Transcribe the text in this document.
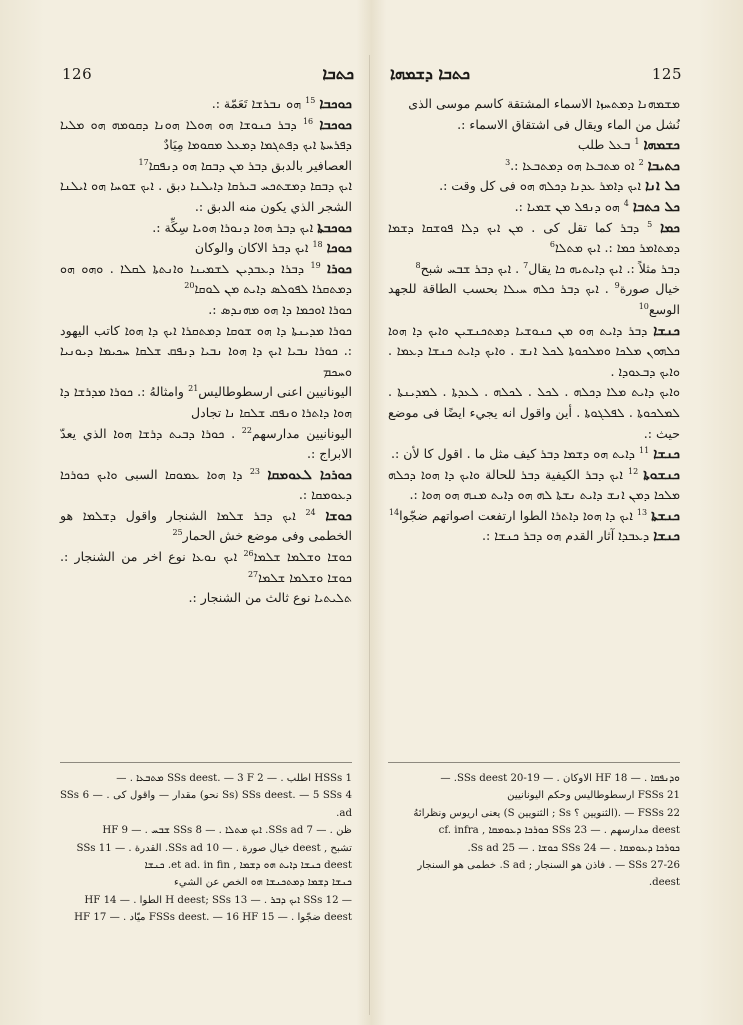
126	ܟܬܒܐ ܟܬܒܐ ܕܫܡܗܐ	125

ܟܘܟܒܐ $^{15}$ ܗܘ ܢܒܪܫܐ تَعَمّة :.

ܟܘܟܒܐ $^{16}$ ܕܒܪ ܟܢܘܫܐ ܗܘ ܗܘܠܐ ܗܘܢܐ ܕܩܘܡܗ ܗܘ ܡܠܝܐ ܕܦܪܚܬܐ ܐܝܟ ܕܦܬܓܡܐ ܕܡܥܠ ܡܩܘܡܐ مِيَادٌ

العصافير بالدبق ܕܒܪ ܡܢ ܕܒܩܐ ܗܘ ܕܢܦܩܐ$^{17}$

ܐܝܟ ܕܒܩܐ ܕܡܫܬܟܚ ܒܝܪܩܐ ܕܐܝܠܢܐ دبق . ܐܝܟ ܫܘܚܐ ܗܘ ܐܝܠܢܐ الشجر الذي يكون منه الدبق :.

ܟܘܟܒܬܐ ܐܝܟ ܕܒܪ ܗܘܐ ܕܢܘܪܐ ܗܘܝܐ سِكِّة :.

ܟܘܟܐ $^{18}$ ܐܝܟ ܕܒܪ الاكان والوكان

ܟܘܪܐ $^{19}$ ܕܒܪܐ ܕܥܒܕܝܢ ܠܫܡܝܢܐ ܘܐܢܬܬܐ ܠܩܠܐ . ܘܗܘ ܗܘ ܕܡܬܩܪܐ ܠܦܘܠܣ ܕܐܝܬ ܡܢ ܠܘܩܐ$^{20}$

ܟܘܪܐ ܐܘܟܡܐ ܕܐ ܗܘ ܡܗܢܕܣ :.

ܟܘܪܐ ܡܕܝܢܬܐ ܕܐ ܗܘ ܫܘܩܐ ܕܡܬܩܪܐ ܐܝܟ ܕܐ ܗܘܐ كاتب اليهود :. ܟܘܪܐ ܢܒܝܐ ܐܝܟ ܕܐ ܗܘܐ ܢܒܝܐ ܕܢܦܩ ܫܠܩܐ ܚܟܝܡܐ ܕܝܘܢܝܐ ܘܚܟܡ

اليونانيين اعنى ارسطوطاليس$^{21}$ وامثالهُ :. ܟܘܪܐ ܡܕܪܫܐ ܕܐ ܗܘܐ ܕܐܬܪܐ ܘܢܦܩ ܫܠܩܐ ܢܐ تجادل

اليونانيين مدارسهم$^{22}$ . ܟܘܪܐ ܕܒܝܬ ܕܪܫܐ ܗܘܐ الذي يعدّ الابراج :.

ܟܘܪܟܐ ܠܥܘܡܩܐ $^{23}$ ܕܐ ܗܘܐ ܥܡܘܩܐ السبى ܘܐܝܟ ܟܘܪܟܐ ܕܥܘܡܩܐ :.

ܟܘܫܐ $^{24}$ ܐܝܟ ܕܒܪ ܫܠܡܐ الشنجار واقول ܕܫܠܡܐ هو الخطمى وفى موضع خش الحمار$^{25}$

ܟܘܫܐ ܘܫܠܡܐ ܫܠܡܐ$^{26}$ ܐܝܟ ܢܘܥܐ نوع اخر من الشنجار :. ܟܘܫܐ ܘܫܠܡܐ ܫܠܡܐ$^{27}$

ܬܠܝܬܝܐ نوع ثالث من الشنجار :.

ܡܫܡܗܢܐ ܕܡܬܚܙܐ الاسماء المشتقة كاسم موسى الذى

نُشل من الماء ويقال فى اشتقاق الاسماء :.

ܟܫܡܗܐ $^1$ ܒܥܠ طلب

ܟܬܝܒܐ $^2$ ܐܘ ܡܬܒܥܐ ܗܘ ܕܡܬܒܥܐ :.$^3$

ܟܠ ܐܢܐ ܐܝܟ ܕܐܡܪ ܥܕܢܐ ܕܟܠܗ ܗܘ فى كل وقت :.

ܟܠ ܟܬܒܐ $^4$ ܗܘ ܕܢܦܠ ܡܢ ܫܡܝܐ :.

ܟܡܐ $^5$ ܕܒܪ كما تقل كى . ܡܢ ܐܝܟ ܕܠܐ ܦܘܫܩܐ ܕܫܡܐ ܕܡܬܐܡܪ ܟܡܐ :. ܐܝܟ ܡܬܠܐ$^6$

ܕܒܪ مثلاً :. ܐܝܟ ܕܐܝܬܝܗ ܟܐ يقال$^7$ . ܐܝܟ ܕܒܪ ܫܒܚ شبح$^8$

خيال صورة$^9$ . ܐܝܟ ܕܒܪ ܟܠܗ ܚܝܠܐ بحسب الطاقة للجهد الوسع$^{10}$

ܟܢܫܐ ܕܒܪ ܕܐܝܬ ܗܘ ܡܢ ܟܢܘܫܝܐ ܕܡܬܟܢܫܝܢ ܘܐܝܟ ܕܐ ܗܘܐ ܟܠܗܘܢ ܡܠܟܐ ܘܡܠܟܘܬܐ ܠܟܠ ܐܢܫ . ܘܐܝܟ ܕܐܝܬ ܟܢܫܐ ܕܥܡܐ . ܘܐܝܟ ܕܒܥܘܕܐ .

ܘܐܝܟ ܕܐܝܬ ܡܠܐ ܕܟܠܗ . ܠܟܠ . ܠܟܠܗ . ܠܥܕܬܐ . ܠܡܕܝܢܬܐ . ܠܡܠܟܘܬܐ . ܠܦܠܓܘܬܐ . أين واقول انه يجيء ايضًا فى موضع حيث :.

ܟܢܫܐ $^{11}$ ܕܐܝܬ ܗܘ ܕܫܡܐ ܕܒܪ كيف مثل ما . اقول كا لأن :.

ܟܢܫܘܬܐ $^{12}$ ܐܝܟ ܕܒܪ الكيفية ܕܒܪ للحالة ܘܐܝܟ ܕܐ ܗܘܐ ܕܟܠܗ ܡܠܟܐ ܕܡܢ ܐܢܫ ܕܐܝܬ ܢܫܬܐ ܠܗ ܗܘ ܕܐܝܬ ܡܢܗ ܗܘ ܗܘܐ :.

ܟܢܫܬܐ $^{13}$ ܐܝܟ ܕܐ ܗܘܐ ܕܐܬܪܐ الطوا ارتفعت اصواتهم ضجّوا$^{14}$

ܟܢܫܐ ܕܥܒܕܐ آثار القدم ܗܘ ܕܒܪ ܟܢܫܐ :.

1 HSSs اطلب . — 2 SSs deest. — 3 F ܡܬܒܥܐ . —

4 SSs deest. — 5 SSs (Ss نحو) مقدار — واقول كى . — 6 SSs ad.

ظن . — 7 SSs ad. ܐܝܟ ܡܬܠܐ . — 8 SSs ܫܒܚ . — 9 HF

تشبح , deest خيال صورة . — 10 SSs ad. القدرة . — 11 SSs

deest ܟܢܫܐ ܕܐܝܬ ܗܘ ܕܫܡܐ , et ad. in fin. ܟܢܫܐ

ܟܢܫܐ ܕܫܡܐ ܕܡܬܟܢܫܐ ܗܘ الخص عن الشيء

— 12 SSs ܐܝܟ ܕܒܪ . — 13 H deest; SSs الطوا . — 14 HF

deest ضجّوا . — 15 FSSs deest. — 16 HF ميّاد . — 17 HF

ܘܕܢܦܩܐ . — 18 HF الاوكان . — 19-20 SSs deest. —

21 FSSs ارسطوطاليس وحكم اليونانيين

FSSs 22 — .(الثنويين ؟ Ss ; الثنويين S) يعنى اريوس ونظرائهُ

deest مدارسهم . — 23 SSs ܟܘܪܟܐ ܕܥܘܡܩܐ , cf. infra

ܟܘܪܟܐ ܕܥܘܡܩܐ . — 24 SSs ܟܘܫܐ . — 25 Ss ad.

SSs 27-26 — . فاذن هو السنجار ; S ad. خطمى هو السنجار

deest.
